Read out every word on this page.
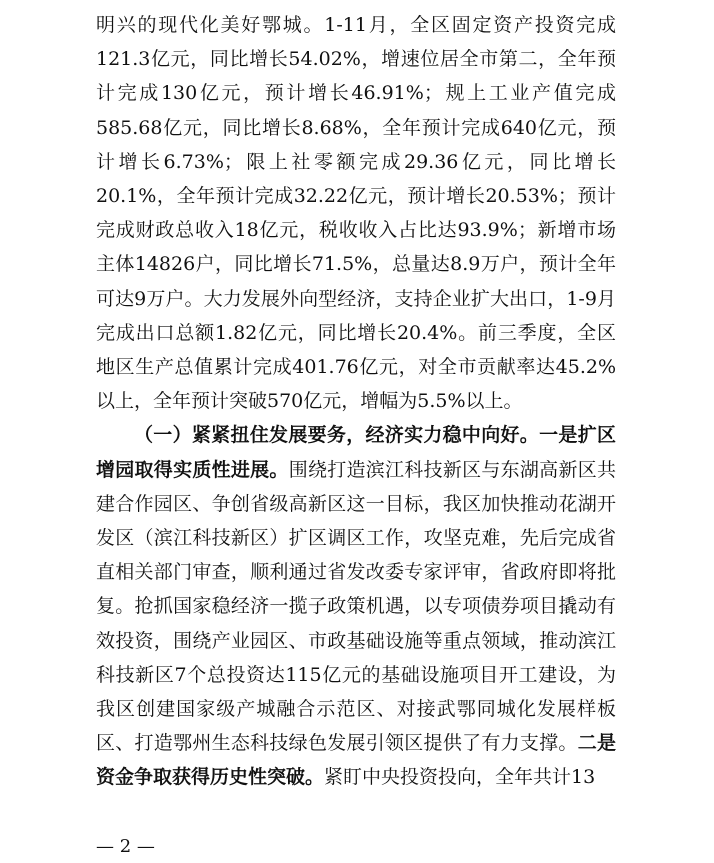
明兴的现代化美好鄂城。1-11月，全区固定资产投资完成121.3亿元，同比增长54.02%，增速位居全市第二，全年预计完成130亿元，预计增长46.91%；规上工业产值完成585.68亿元，同比增长8.68%，全年预计完成640亿元，预计增长6.73%；限上社零额完成29.36亿元，同比增长20.1%，全年预计完成32.22亿元，预计增长20.53%；预计完成财政总收入18亿元，税收收入占比达93.9%；新增市场主体14826户，同比增长71.5%，总量达8.9万户，预计全年可达9万户。大力发展外向型经济，支持企业扩大出口，1-9月完成出口总额1.82亿元，同比增长20.4%。前三季度，全区地区生产总值累计完成401.76亿元，对全市贡献率达45.2%以上，全年预计突破570亿元，增幅为5.5%以上。

（一）紧紧扭住发展要务，经济实力稳中向好。一是扩区增园取得实质性进展。围绕打造滨江科技新区与东湖高新区共建合作园区、争创省级高新区这一目标，我区加快推动花湖开发区（滨江科技新区）扩区调区工作，攻坚克难，先后完成省直相关部门审查，顺利通过省发改委专家评审，省政府即将批复。抢抓国家稳经济一揽子政策机遇，以专项债券项目撬动有效投资，围绕产业园区、市政基础设施等重点领域，推动滨江科技新区7个总投资达115亿元的基础设施项目开工建设，为我区创建国家级产城融合示范区、对接武鄂同城化发展样板区、打造鄂州生态科技绿色发展引领区提供了有力支撑。二是资金争取获得历史性突破。紧盯中央投资投向，全年共计13

— 2 —
